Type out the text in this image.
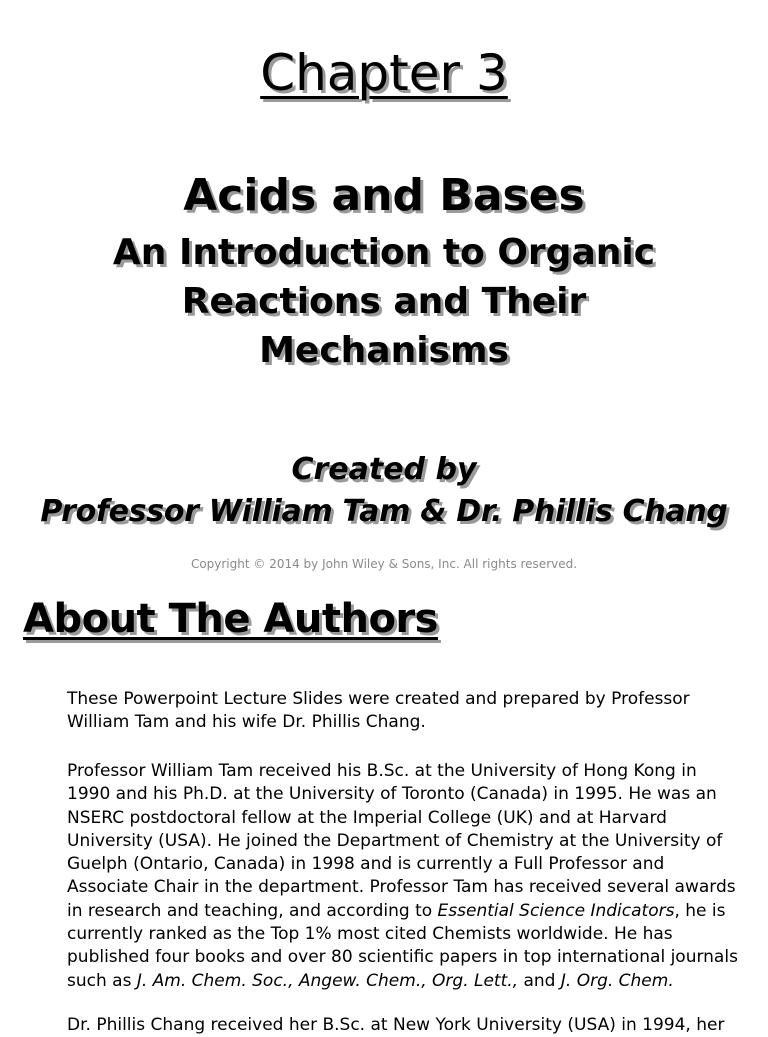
Chapter 3
Acids and Bases
An Introduction to Organic
Reactions and Their
Mechanisms
Created by
Professor William Tam & Dr. Phillis Chang
Copyright © 2014 by John Wiley & Sons, Inc. All rights reserved.
About The Authors
These Powerpoint Lecture Slides were created and prepared by Professor
William Tam and his wife Dr. Phillis Chang.
Professor William Tam received his B.Sc. at the University of Hong Kong in
1990 and his Ph.D. at the University of Toronto (Canada) in 1995. He was an
NSERC postdoctoral fellow at the Imperial College (UK) and at Harvard
University (USA). He joined the Department of Chemistry at the University of
Guelph (Ontario, Canada) in 1998 and is currently a Full Professor and
Associate Chair in the department. Professor Tam has received several awards
in research and teaching, and according to Essential Science Indicators, he is
currently ranked as the Top 1% most cited Chemists worldwide. He has
published four books and over 80 scientific papers in top international journals
such as J. Am. Chem. Soc., Angew. Chem., Org. Lett., and J. Org. Chem.
Dr. Phillis Chang received her B.Sc. at New York University (USA) in 1994, her
